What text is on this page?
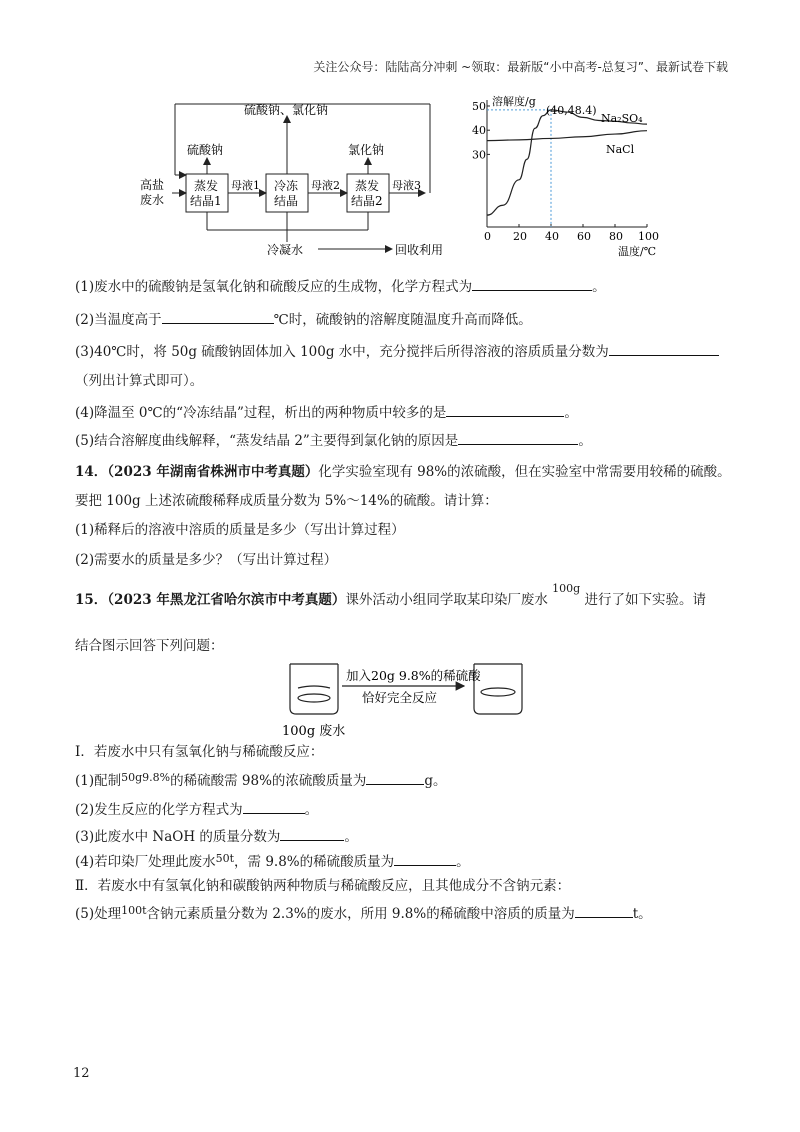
关注公众号：陆陆高分冲刺 ~领取：最新版“小中高考-总复习”、最新试卷下载
高盐
废水
蒸发
结晶1
冷冻
结晶
蒸发
结晶2
母液1	母液2	母液3
硫酸钠、氯化钠
硫酸钠	氯化钠
冷凝水	回收利用
0 20 40 60 80 100
30
40
50
Na₂SO₄
NaCl
溶解度/g
温度/℃
(40,48.4)
(1)废水中的硫酸钠是氢氧化钠和硫酸反应的生成物，化学方程式为	。
(2)当温度高于	℃时，硫酸钠的溶解度随温度升高而降低。
(3)40℃时，将 50g 硫酸钠固体加入 100g 水中，充分搅拌后所得溶液的溶质质量分数为
（列出计算式即可）。
(4)降温至 0℃的“冷冻结晶”过程，析出的两种物质中较多的是	。
(5)结合溶解度曲线解释，“蒸发结晶 2”主要得到氯化钠的原因是	。
14．（2023 年湖南省株洲市中考真题）化学实验室现有 98%的浓硫酸，但在实验室中常需要用较稀的硫酸。
要把 100g 上述浓硫酸稀释成质量分数为 5%～14%的硫酸。请计算：
(1)稀释后的溶液中溶质的质量是多少（写出计算过程）
(2)需要水的质量是多少？（写出计算过程）
15．（2023 年黑龙江省哈尔滨市中考真题）课外活动小组同学取某印染厂废水 $^{100g}$ 进行了如下实验。请
结合图示回答下列问题：
加入20g 9.8%的稀硫酸
恰好完全反应
100g 废水
Ⅰ．若废水中只有氢氧化钠与稀硫酸反应：
(1)配制$^{50g9.8\%}$的稀硫酸需 98%的浓硫酸质量为	g。
(2)发生反应的化学方程式为	。
(3)此废水中 NaOH 的质量分数为	。
(4)若印染厂处理此废水$^{50t}$，需 9.8%的稀硫酸质量为	。
Ⅱ．若废水中有氢氧化钠和碳酸钠两种物质与稀硫酸反应，且其他成分不含钠元素：
(5)处理$^{100t}$含钠元素质量分数为 2.3%的废水，所用 9.8%的稀硫酸中溶质的质量为	t。
12
